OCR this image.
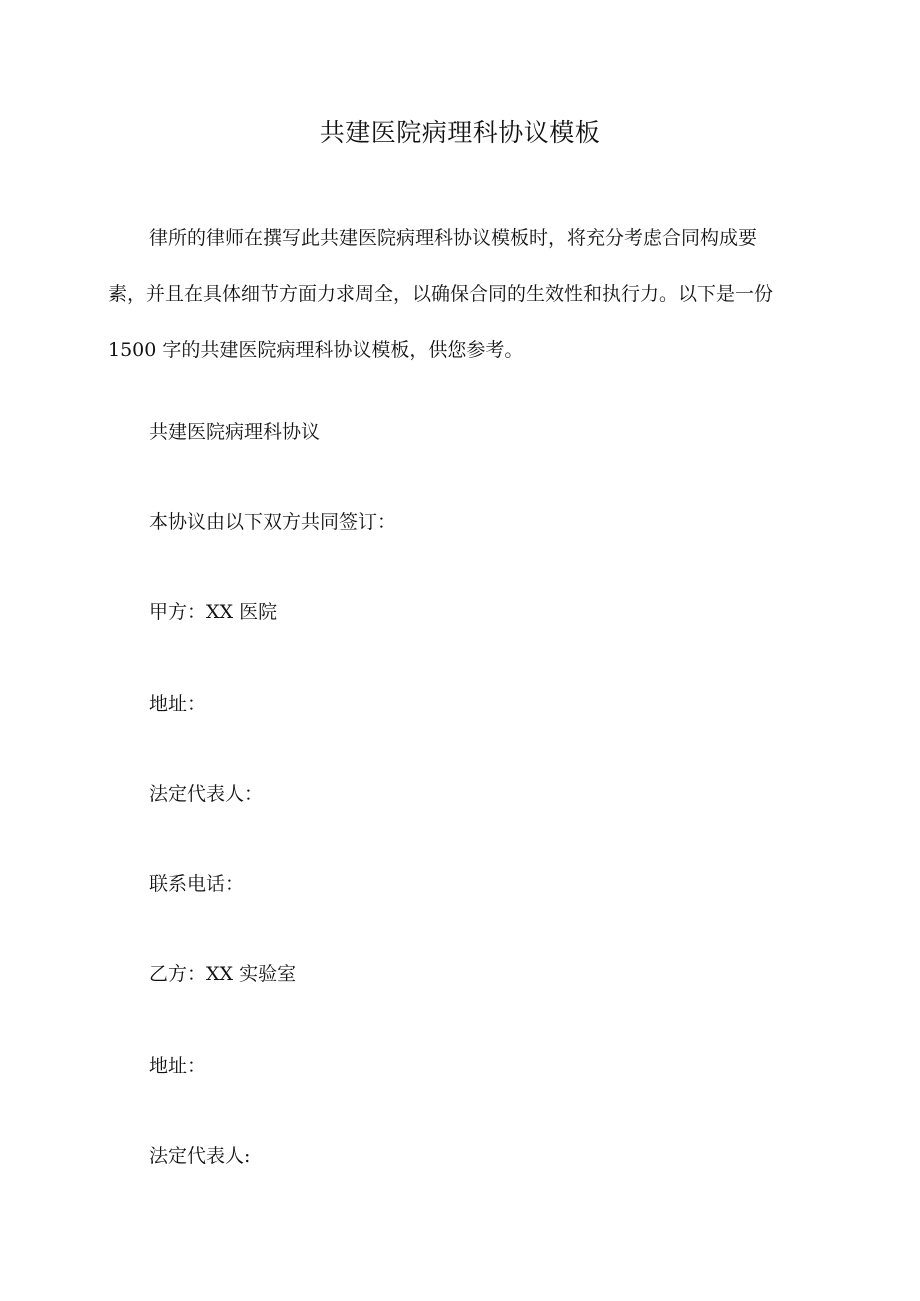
共建医院病理科协议模板

律所的律师在撰写此共建医院病理科协议模板时，将充分考虑合同构成要
素，并且在具体细节方面力求周全，以确保合同的生效性和执行力。以下是一份
1500 字的共建医院病理科协议模板，供您参考。

共建医院病理科协议

本协议由以下双方共同签订：

甲方：XX 医院

地址：

法定代表人：

联系电话：

乙方：XX 实验室

地址：

法定代表人:
